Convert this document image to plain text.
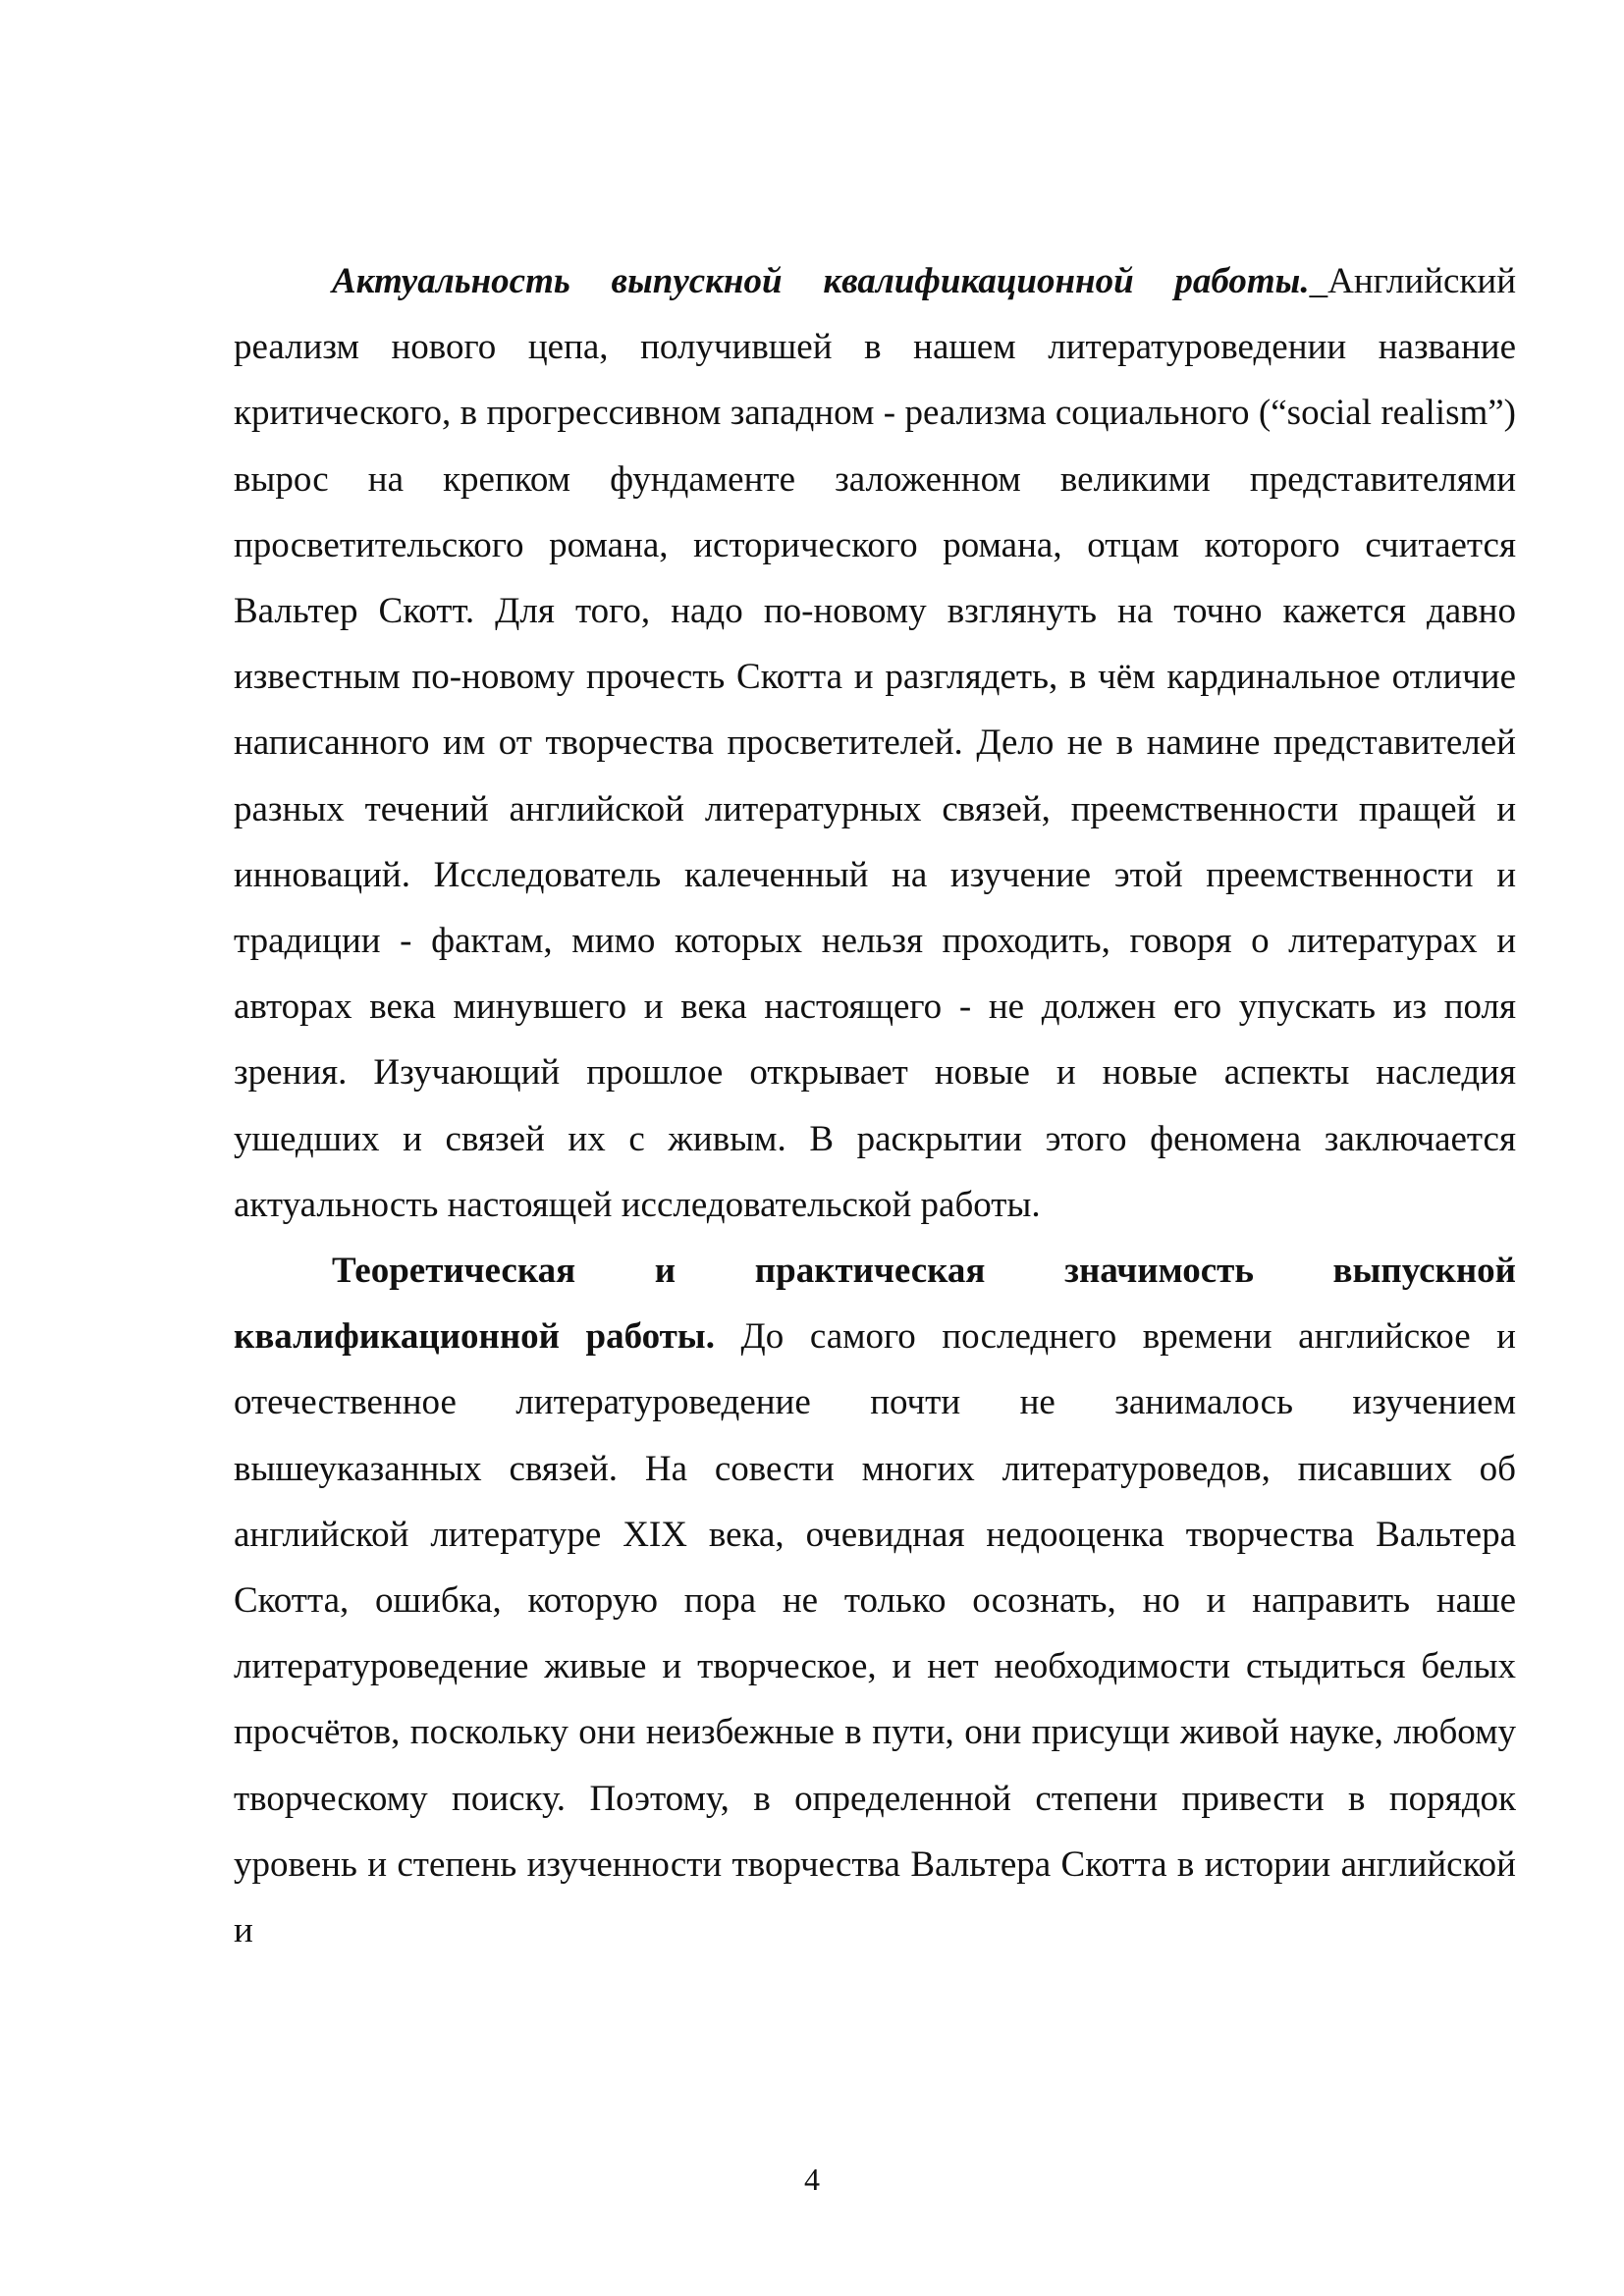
Актуальность выпускной квалификационной работы._Английский реализм нового цепа, получившей в нашем литературоведении название критического, в прогрессивном западном - реализма социального (“social realism”) вырос на крепком фундаменте заложенном великими представителями просветительского романа, исторического романа, отцам которого считается Вальтер Скотт. Для того, надо по-новому взглянуть на точно кажется давно известным по-новому прочесть Скотта и разглядеть, в чём кардинальное отличие написанного им от творчества просветителей. Дело не в намине представителей разных течений английской литературных связей, преемственности пращей и инноваций. Исследователь калеченный на изучение этой преемственности и традиции - фактам, мимо которых нельзя проходить, говоря о литературах и авторах века минувшего и века настоящего - не должен его упускать из поля зрения. Изучающий прошлое открывает новые и новые аспекты наследия ушедших и связей их с живым. В раскрытии этого феномена заключается актуальность настоящей исследовательской работы.

Теоретическая и практическая значимость выпускной квалификационной работы. До самого последнего времени английское и отечественное литературоведение почти не занималось изучением вышеуказанных связей. На совести многих литературоведов, писавших об английской литературе XIX века, очевидная недооценка творчества Вальтера Скотта, ошибка, которую пора не только осознать, но и направить наше литературоведение живые и творческое, и нет необходимости стыдиться белых просчётов, поскольку они неизбежные в пути, они присущи живой науке, любому творческому поиску. Поэтому, в определенной степени привести в порядок уровень и степень изученности творчества Вальтера Скотта в истории английской и

4
